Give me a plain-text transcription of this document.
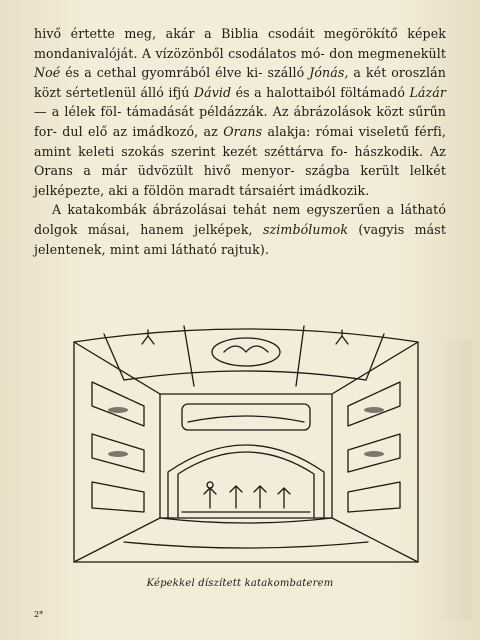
hivő értette meg, akár a Biblia csodáit megörökítő képek mondanivalóját. A vízözönből csodálatos mó- don megmenekült Noé és a cethal gyomrából élve ki- szálló Jónás, a két oroszlán közt sértetlenül álló ifjú Dávid és a halottaiból föltámadó Lázár — a lélek föl- támadását példázzák. Az ábrázolások közt sűrűn for- dul elő az imádkozó, az Orans alakja: római viseletű férfi, amint keleti szokás szerint kezét széttárva fo- hászkodik. Az Orans a már üdvözült hivő menyor- szágba került lelkét jelképezte, aki a földön maradt társaiért imádkozik.

A katakombák ábrázolásai tehát nem egyszerűen a látható dolgok másai, hanem jelképek, szimbólumok (vagyis mást jelentenek, mint ami látható rajtuk).

Képekkel díszített katakombaterem
2*
